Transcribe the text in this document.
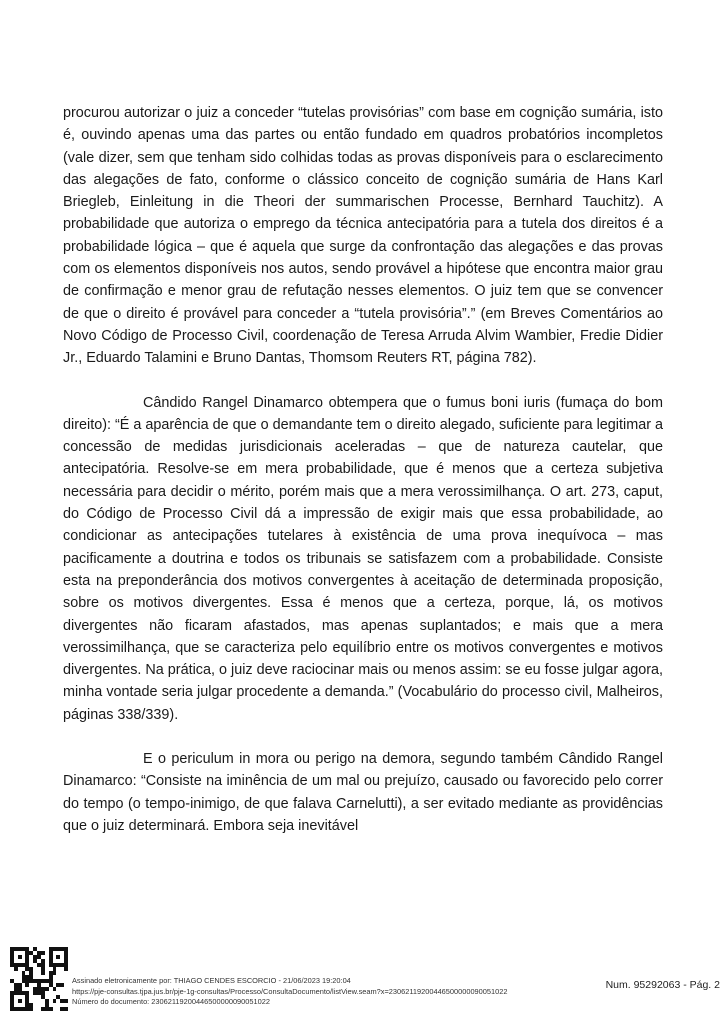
procurou autorizar o juiz a conceder “tutelas provisórias” com base em cognição sumária, isto é, ouvindo apenas uma das partes ou então fundado em quadros probatórios incompletos (vale dizer, sem que tenham sido colhidas todas as provas disponíveis para o esclarecimento das alegações de fato, conforme o clássico conceito de cognição sumária de Hans Karl Briegleb, Einleitung in die Theori der summarischen Processe, Bernhard Tauchitz). A probabilidade que autoriza o emprego da técnica antecipatória para a tutela dos direitos é a probabilidade lógica – que é aquela que surge da confrontação das alegações e das provas com os elementos disponíveis nos autos, sendo provável a hipótese que encontra maior grau de confirmação e menor grau de refutação nesses elementos. O juiz tem que se convencer de que o direito é provável para conceder a “tutela provisória”.” (em Breves Comentários ao Novo Código de Processo Civil, coordenação de Teresa Arruda Alvim Wambier, Fredie Didier Jr., Eduardo Talamini e Bruno Dantas, Thomsom Reuters RT, página 782).

Cândido Rangel Dinamarco obtempera que o fumus boni iuris (fumaça do bom direito): “É a aparência de que o demandante tem o direito alegado, suficiente para legitimar a concessão de medidas jurisdicionais aceleradas – que de natureza cautelar, que antecipatória. Resolve-se em mera probabilidade, que é menos que a certeza subjetiva necessária para decidir o mérito, porém mais que a mera verossimilhança. O art. 273, caput, do Código de Processo Civil dá a impressão de exigir mais que essa probabilidade, ao condicionar as antecipações tutelares à existência de uma prova inequívoca – mas pacificamente a doutrina e todos os tribunais se satisfazem com a probabilidade. Consiste esta na preponderância dos motivos convergentes à aceitação de determinada proposição, sobre os motivos divergentes. Essa é menos que a certeza, porque, lá, os motivos divergentes não ficaram afastados, mas apenas suplantados; e mais que a mera verossimilhança, que se caracteriza pelo equilíbrio entre os motivos convergentes e motivos divergentes. Na prática, o juiz deve raciocinar mais ou menos assim: se eu fosse julgar agora, minha vontade seria julgar procedente a demanda.” (Vocabulário do processo civil, Malheiros, páginas 338/339).

E o periculum in mora ou perigo na demora, segundo também Cândido Rangel Dinamarco: “Consiste na iminência de um mal ou prejuízo, causado ou favorecido pelo correr do tempo (o tempo-inimigo, de que falava Carnelutti), a ser evitado mediante as providências que o juiz determinará. Embora seja inevitável

Assinado eletronicamente por: THIAGO CENDES ESCORCIO - 21/06/2023 19:20:04
https://pje-consultas.tjpa.jus.br/pje-1g-consultas/Processo/ConsultaDocumento/listView.seam?x=23062119200446500000090051022
Número do documento: 23062119200446500000090051022
Num. 95292063 - Pág. 2
